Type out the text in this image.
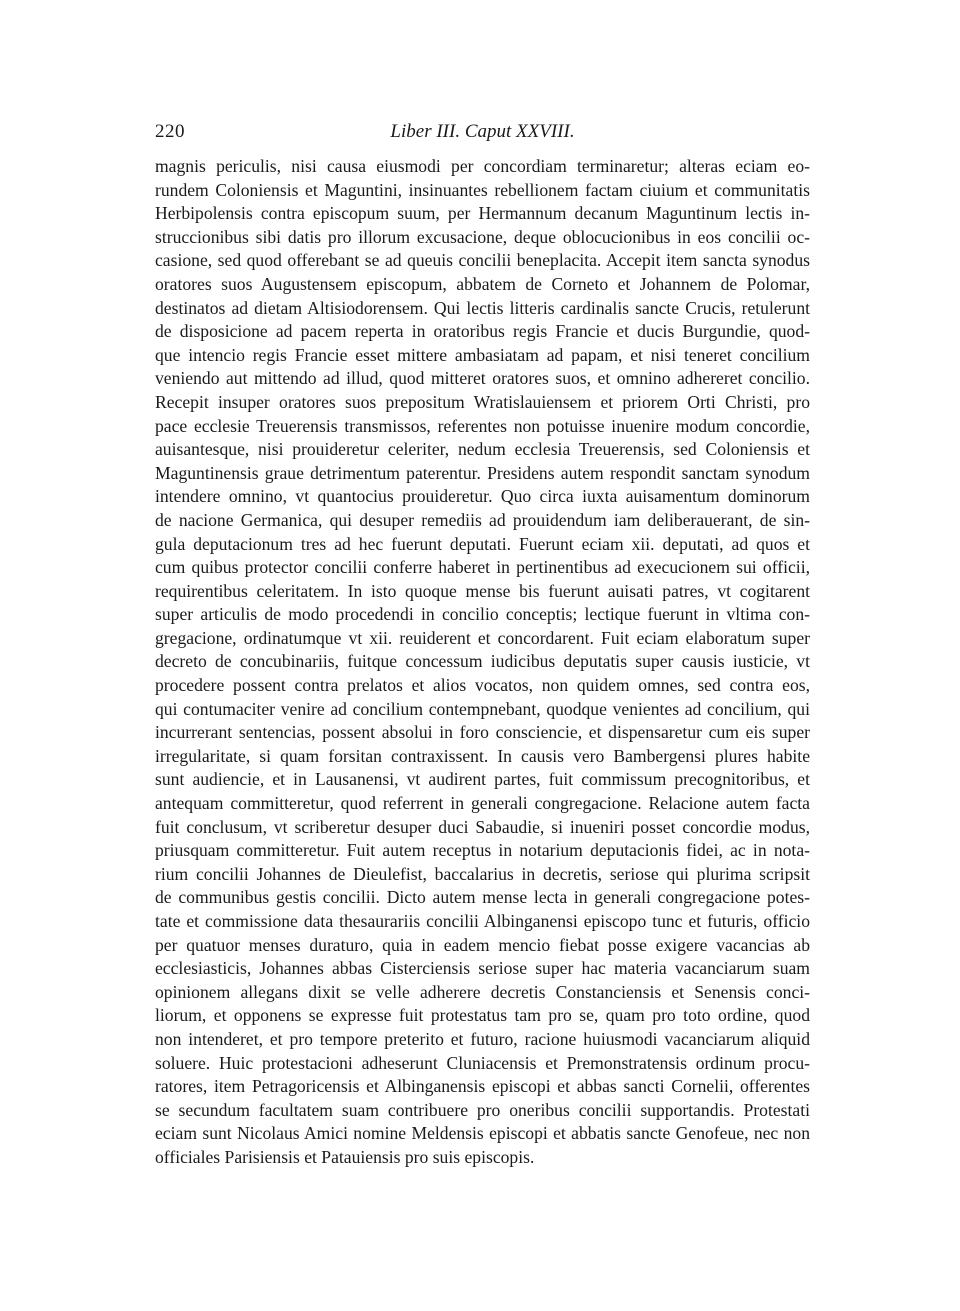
220	Liber III. Caput XXVIII.
magnis periculis, nisi causa eiusmodi per concordiam terminaretur; alteras eciam eo-
rundem Coloniensis et Maguntini, insinuantes rebellionem factam ciuium et communitatis
Herbipolensis contra episcopum suum, per Hermannum decanum Maguntinum lectis in-
struccionibus sibi datis pro illorum excusacione, deque oblocucionibus in eos concilii oc-
casione, sed quod offerebant se ad queuis concilii beneplacita. Accepit item sancta synodus
oratores suos Augustensem episcopum, abbatem de Corneto et Johannem de Polomar,
destinatos ad dietam Altisiodorensem. Qui lectis litteris cardinalis sancte Crucis, retulerunt
de disposicione ad pacem reperta in oratoribus regis Francie et ducis Burgundie, quod-
que intencio regis Francie esset mittere ambasiatam ad papam, et nisi teneret concilium
veniendo aut mittendo ad illud, quod mitteret oratores suos, et omnino adhereret concilio.
Recepit insuper oratores suos prepositum Wratislauiensem et priorem Orti Christi, pro
pace ecclesie Treuerensis transmissos, referentes non potuisse inuenire modum concordie,
auisantesque, nisi prouideretur celeriter, nedum ecclesia Treuerensis, sed Coloniensis et
Maguntinensis graue detrimentum paterentur. Presidens autem respondit sanctam synodum
intendere omnino, vt quantocius prouideretur. Quo circa iuxta auisamentum dominorum
de nacione Germanica, qui desuper remediis ad prouidendum iam deliberauerant, de sin-
gula deputacionum tres ad hec fuerunt deputati. Fuerunt eciam xii. deputati, ad quos et
cum quibus protector concilii conferre haberet in pertinentibus ad execucionem sui officii,
requirentibus celeritatem. In isto quoque mense bis fuerunt auisati patres, vt cogitarent
super articulis de modo procedendi in concilio conceptis; lectique fuerunt in vltima con-
gregacione, ordinatumque vt xii. reuiderent et concordarent. Fuit eciam elaboratum super
decreto de concubinariis, fuitque concessum iudicibus deputatis super causis iusticie, vt
procedere possent contra prelatos et alios vocatos, non quidem omnes, sed contra eos,
qui contumaciter venire ad concilium contempnebant, quodque venientes ad concilium, qui
incurrerant sentencias, possent absolui in foro consciencie, et dispensaretur cum eis super
irregularitate, si quam forsitan contraxissent. In causis vero Bambergensi plures habite
sunt audiencie, et in Lausanensi, vt audirent partes, fuit commissum precognitoribus, et
antequam committeretur, quod referrent in generali congregacione. Relacione autem facta
fuit conclusum, vt scriberetur desuper duci Sabaudie, si inueniri posset concordie modus,
priusquam committeretur. Fuit autem receptus in notarium deputacionis fidei, ac in nota-
rium concilii Johannes de Dieulefist, baccalarius in decretis, seriose qui plurima scripsit
de communibus gestis concilii. Dicto autem mense lecta in generali congregacione potes-
tate et commissione data thesaurariis concilii Albinganensi episcopo tunc et futuris, officio
per quatuor menses duraturo, quia in eadem mencio fiebat posse exigere vacancias ab
ecclesiasticis, Johannes abbas Cisterciensis seriose super hac materia vacanciarum suam
opinionem allegans dixit se velle adherere decretis Constanciensis et Senensis conci-
liorum, et opponens se expresse fuit protestatus tam pro se, quam pro toto ordine, quod
non intenderet, et pro tempore preterito et futuro, racione huiusmodi vacanciarum aliquid
soluere. Huic protestacioni adheserunt Cluniacensis et Premonstratensis ordinum procu-
ratores, item Petragoricensis et Albinganensis episcopi et abbas sancti Cornelii, offerentes
se secundum facultatem suam contribuere pro oneribus concilii supportandis. Protestati
eciam sunt Nicolaus Amici nomine Meldensis episcopi et abbatis sancte Genofeue, nec non
officiales Parisiensis et Patauiensis pro suis episcopis.
